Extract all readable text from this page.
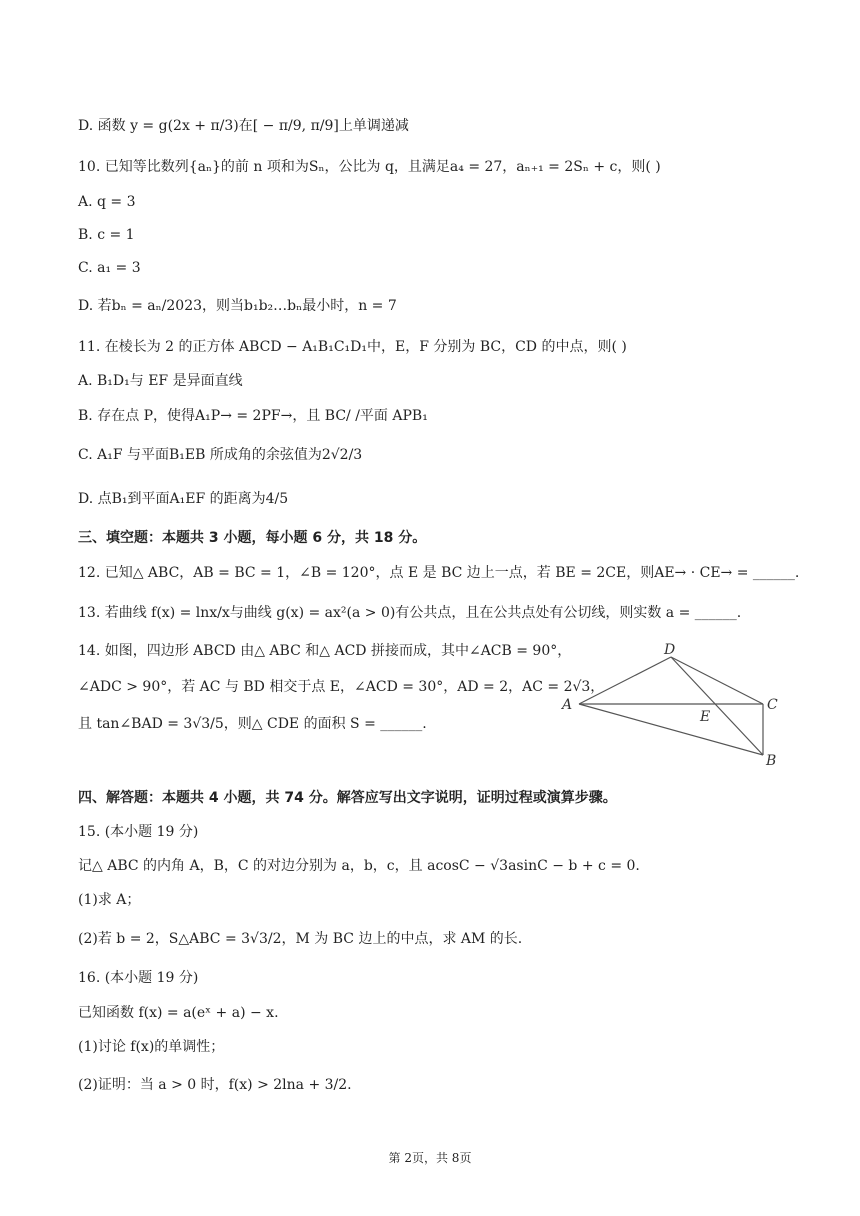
D. 函数 y = g(2x + π/3)在[ − π/9, π/9]上单调递减
10. 已知等比数列{aₙ}的前 n 项和为Sₙ，公比为 q，且满足a₄ = 27，aₙ₊₁ = 2Sₙ + c，则( )
A. q = 3
B. c = 1
C. a₁ = 3
D. 若bₙ = aₙ/2023，则当b₁b₂…bₙ最小时，n = 7
11. 在棱长为 2 的正方体 ABCD − A₁B₁C₁D₁中，E，F 分别为 BC，CD 的中点，则( )
A. B₁D₁与 EF 是异面直线
B. 存在点 P，使得A₁P→ = 2PF→，且 BC/ /平面 APB₁
C. A₁F 与平面B₁EB 所成角的余弦值为2√2/3
D. 点B₁到平面A₁EF 的距离为4/5
三、填空题：本题共 3 小题，每小题 6 分，共 18 分。
12. 已知△ ABC，AB = BC = 1，∠B = 120°，点 E 是 BC 边上一点，若 BE = 2CE，则AE→ · CE→ = ______.
13. 若曲线 f(x) = lnx/x与曲线 g(x) = ax²(a > 0)有公共点，且在公共点处有公切线，则实数 a = ______.
14. 如图，四边形 ABCD 由△ ABC 和△ ACD 拼接而成，其中∠ACB = 90°，
∠ADC > 90°，若 AC 与 BD 相交于点 E，∠ACD = 30°，AD = 2，AC = 2√3，
且 tan∠BAD = 3√3/5，则△ CDE 的面积 S = ______.
A
D
C
E
B
四、解答题：本题共 4 小题，共 74 分。解答应写出文字说明，证明过程或演算步骤。
15. (本小题 19 分)
记△ ABC 的内角 A，B，C 的对边分别为 a，b，c，且 acosC − √3asinC − b + c = 0.
(1)求 A；
(2)若 b = 2，S△ABC = 3√3/2，M 为 BC 边上的中点，求 AM 的长.
16. (本小题 19 分)
已知函数 f(x) = a(eˣ + a) − x.
(1)讨论 f(x)的单调性；
(2)证明：当 a > 0 时，f(x) > 2lna + 3/2.
第 2页，共 8页
